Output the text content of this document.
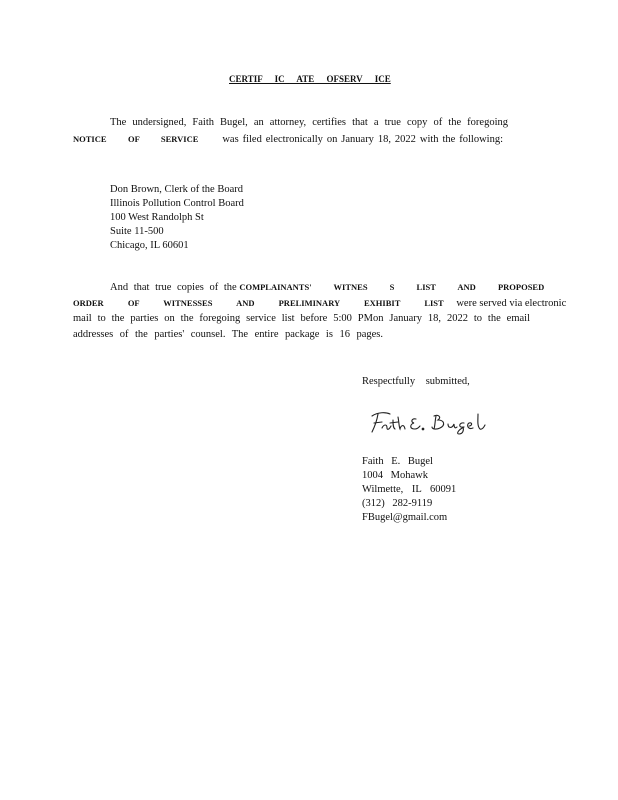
CERTIF IC ATE OFSERV ICE
The undersigned, Faith Bugel, an attorney, certifies that a true copy of the foregoing
NOTICE OF SERVICE was filed electronically on January 18, 2022 with the following:
Don Brown, Clerk of the Board
Illinois Pollution Control Board
100 West Randolph St
Suite 11-500
Chicago, IL 60601
And that true copies of the COMPLAINANTS' WITNES S LIST AND PROPOSED
ORDER OF WITNESSES AND PRELIMINARY EXHIBIT LIST were served via electronic
mail to the parties on the foregoing service list before 5:00 PMon January 18, 2022 to the email
addresses of the parties' counsel. The entire package is 16 pages.
Respectfully submitted,
Faith E. Bugel
1004 Mohawk
Wilmette, IL 60091
(312) 282-9119
FBugel@gmail.com
